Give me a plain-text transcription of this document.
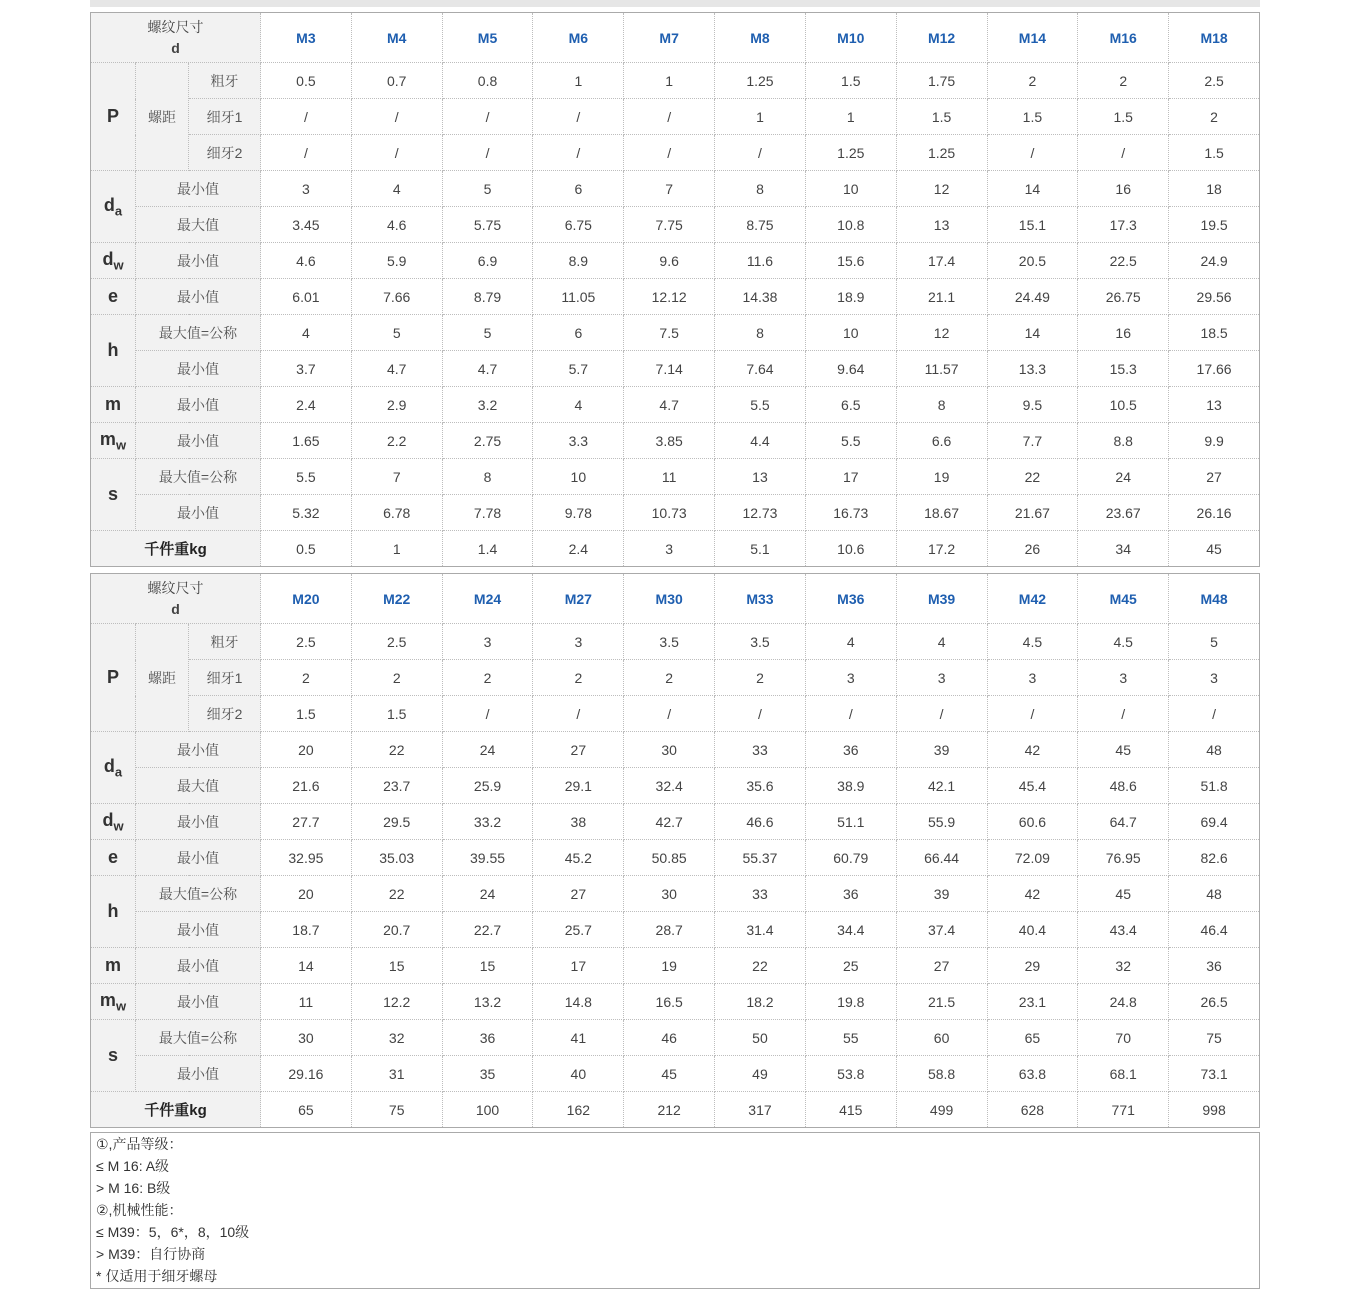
螺纹尺寸
d			M3	M4	M5	M6	M7	M8	M10	M12	M14	M16	M18
P	螺距	粗牙	0.5	0.7	0.8	1	1	1.25	1.5	1.75	2	2	2.5
		细牙1	/	/	/	/	/	1	1	1.5	1.5	1.5	2
		细牙2	/	/	/	/	/	/	1.25	1.25	/	/	1.5
$d_a$	最小值		3	4	5	6	7	8	10	12	14	16	18
	最大值		3.45	4.6	5.75	6.75	7.75	8.75	10.8	13	15.1	17.3	19.5
$d_w$	最小值		4.6	5.9	6.9	8.9	9.6	11.6	15.6	17.4	20.5	22.5	24.9
e	最小值		6.01	7.66	8.79	11.05	12.12	14.38	18.9	21.1	24.49	26.75	29.56
h	最大值=公称		4	5	5	6	7.5	8	10	12	14	16	18.5
	最小值		3.7	4.7	4.7	5.7	7.14	7.64	9.64	11.57	13.3	15.3	17.66
m	最小值		2.4	2.9	3.2	4	4.7	5.5	6.5	8	9.5	10.5	13
$m_w$	最小值		1.65	2.2	2.75	3.3	3.85	4.4	5.5	6.6	7.7	8.8	9.9
s	最大值=公称		5.5	7	8	10	11	13	17	19	22	24	27
	最小值		5.32	6.78	7.78	9.78	10.73	12.73	16.73	18.67	21.67	23.67	26.16
千件重kg			0.5	1	1.4	2.4	3	5.1	10.6	17.2	26	34	45
螺纹尺寸
d			M20	M22	M24	M27	M30	M33	M36	M39	M42	M45	M48
P	螺距	粗牙	2.5	2.5	3	3	3.5	3.5	4	4	4.5	4.5	5
		细牙1	2	2	2	2	2	2	3	3	3	3	3
		细牙2	1.5	1.5	/	/	/	/	/	/	/	/	/
$d_a$	最小值		20	22	24	27	30	33	36	39	42	45	48
	最大值		21.6	23.7	25.9	29.1	32.4	35.6	38.9	42.1	45.4	48.6	51.8
$d_w$	最小值		27.7	29.5	33.2	38	42.7	46.6	51.1	55.9	60.6	64.7	69.4
e	最小值		32.95	35.03	39.55	45.2	50.85	55.37	60.79	66.44	72.09	76.95	82.6
h	最大值=公称		20	22	24	27	30	33	36	39	42	45	48
	最小值		18.7	20.7	22.7	25.7	28.7	31.4	34.4	37.4	40.4	43.4	46.4
m	最小值		14	15	15	17	19	22	25	27	29	32	36
$m_w$	最小值		11	12.2	13.2	14.8	16.5	18.2	19.8	21.5	23.1	24.8	26.5
s	最大值=公称		30	32	36	41	46	50	55	60	65	70	75
	最小值		29.16	31	35	40	45	49	53.8	58.8	63.8	68.1	73.1
千件重kg			65	75	100	162	212	317	415	499	628	771	998
①,产品等级：
≤ M 16: A级
> M 16: B级
②,机械性能：
≤ M39：5，6*，8，10级
> M39：自行协商
* 仅适用于细牙螺母
